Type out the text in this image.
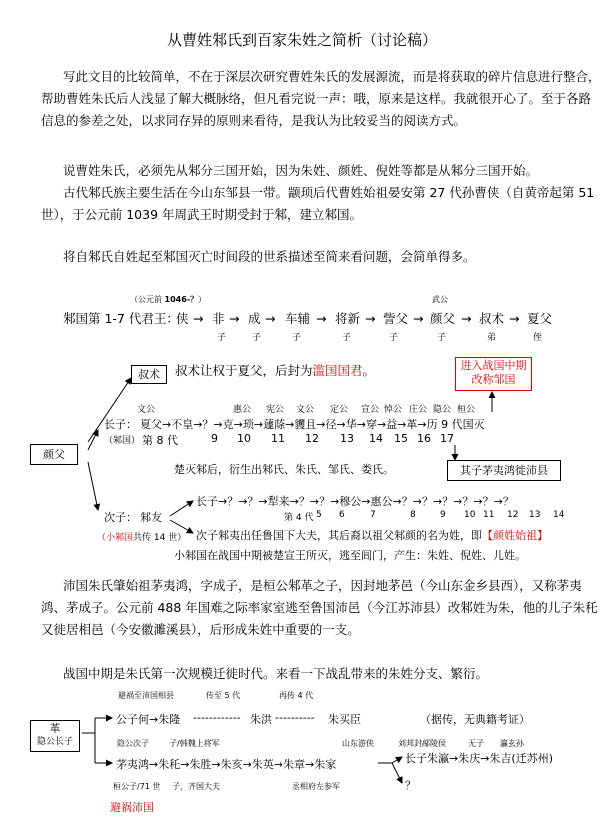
从曹姓邾氏到百家朱姓之简析（讨论稿）
写此文目的比较简单，不在于深层次研究曹姓朱氏的发展源流，而是将获取的碎片信息进行整合，
帮助曹姓朱氏后人浅显了解大概脉络，但凡看完说一声：哦，原来是这样。我就很开心了。至于各路
信息的参差之处，以求同存异的原则来看待，是我认为比较妥当的阅读方式。
说曹姓朱氏，必须先从邾分三国开始，因为朱姓、颜姓、倪姓等都是从邾分三国开始。
古代邾氏族主要生活在今山东邹县一带。颛顼后代曹姓始祖晏安第 27 代孙曹侠（自黄帝起第 51
世），于公元前 1039 年周武王时期受封于邾，建立邾国。
将自邾氏自姓起至邾国灭亡时间段的世系描述至简来看问题，会简单得多。
（公元前 1046-？）	武公
邾国第 1-7 代君王：
侠 → 非 → 成 → 车辅 → 将新 → 訾父 → 颜父 → 叔术 → 夏父
子	子	子	子	子	子	弟	侄
叔术	叔术让权于夏父，后封为滥国国君。	进入战国中期
改称邹国
颜父
文公	惠公 宪公 文公 定公 宣公 悼公 庄公 隐公 桓公
长子： 夏父→不皇→？→克→琐→蘧蒢→貜且→径→华→穿→益→革→历 9 代国灭
（邾国） 第 8 代	9 10 11 12 13 14 15 16 17
楚灭邾后，衍生出邾氏、朱氏、邹氏、娄氏。	其子茅夷鸿徙沛县
次子： 邾友
（小邾国共传 14 世）
长子→？→？→犁来→？→？→穆公→惠公→？→？→？→？→？→？
第 4 代 5 6	7	8	9 10 11 12 13 14
次子邾夷出任鲁国下大夫，其后裔以祖父邾颜的名为姓，即【颜姓始祖】
小邾国在战国中期被楚宣王所灭，逃至闾门，产生：朱姓、倪姓、儿姓。
沛国朱氏肇始祖茅夷鸿，字成子，是桓公邾革之子，因封地茅邑（今山东金乡县西），又称茅夷
鸿、茅成子。公元前 488 年国难之际率家室逃至鲁国沛邑（今江苏沛县）改邾姓为朱，他的儿子朱秅
又徙居相邑（今安徽濉溪县），后形成朱姓中重要的一支。
战国中期是朱氏第一次规模迁徙时代。来看一下战乱带来的朱姓分支、繁衍。
避祸至沛国相县	传至 5 代	再传 4 代
革
隐公长子
公子何→朱隆 ------------ 朱洪 ---------- 朱买臣	（据传，无典籍考证）
隐公次子	子/韩魏上将军	山东游侠	刘邦封鄗陵侯	无子 瀛玄孙
茅夷鸿→朱秅→朱胜→朱亥→朱英→朱章→朱家	长子朱瀛→朱庆→朱吉(迁苏州)
？
桓公子/71 世 子，齐国大夫	丞相府左参军
避祸沛国
